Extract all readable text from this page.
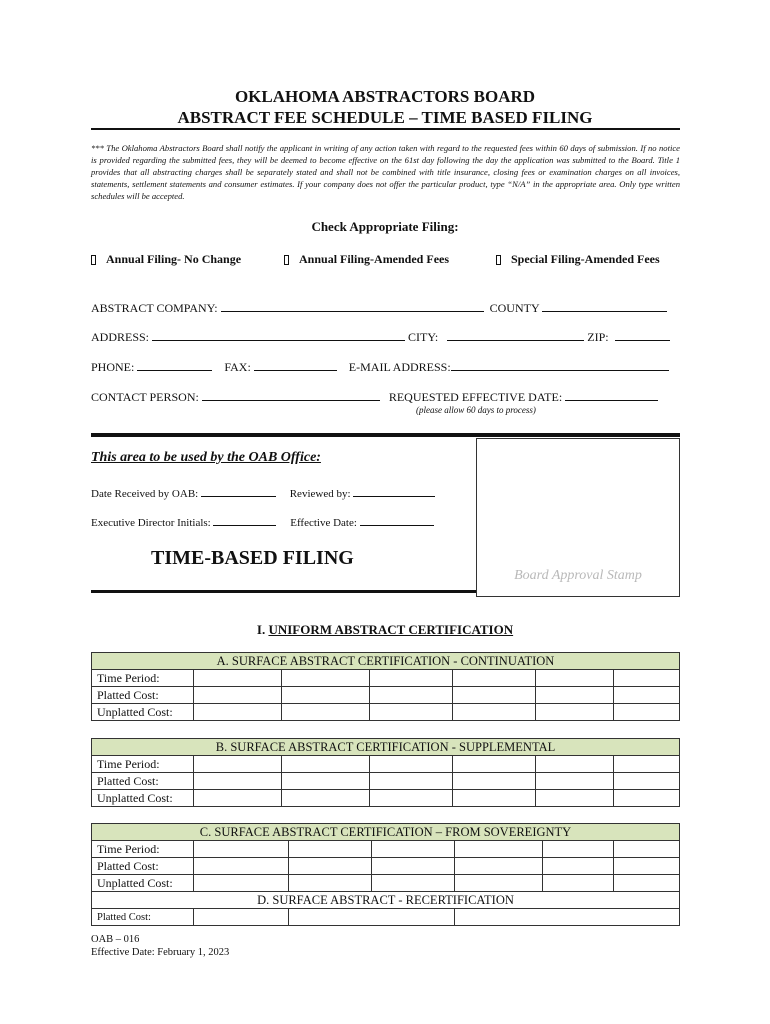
OKLAHOMA ABSTRACTORS BOARD
ABSTRACT FEE SCHEDULE – TIME BASED FILING
*** The Oklahoma Abstractors Board shall notify the applicant in writing of any action taken with regard to the requested fees within 60 days of submission. If no notice is provided regarding the submitted fees, they will be deemed to become effective on the 61st day following the day the application was submitted to the Board. Title 1 provides that all abstracting charges shall be separately stated and shall not be combined with title insurance, closing fees or examination charges on all invoices, statements, settlement statements and consumer estimates. If your company does not offer the particular product, type “N/A” in the appropriate area. Only type written schedules will be accepted.
Check Appropriate Filing:
Annual Filing- No Change	Annual Filing-Amended Fees	Special Filing-Amended Fees
ABSTRACT COMPANY:	COUNTY
ADDRESS:	CITY:	ZIP:
PHONE:	FAX:	E-MAIL ADDRESS:
CONTACT PERSON:	REQUESTED EFFECTIVE DATE:
(please allow 60 days to process)
This area to be used by the OAB Office:
Date Received by OAB:	Reviewed by:
Executive Director Initials:	Effective Date:
TIME-BASED FILING
Board Approval Stamp
I. UNIFORM ABSTRACT CERTIFICATION
A. SURFACE ABSTRACT CERTIFICATION - CONTINUATION						
Time Period:						
Platted Cost:						
Unplatted Cost:						
B. SURFACE ABSTRACT CERTIFICATION - SUPPLEMENTAL						
Time Period:						
Platted Cost:						
Unplatted Cost:						
C. SURFACE ABSTRACT CERTIFICATION – FROM SOVEREIGNTY						
Time Period:						
Platted Cost:						
Unplatted Cost:						
D. SURFACE ABSTRACT - RECERTIFICATION						
Platted Cost:						
OAB – 016
Effective Date: February 1, 2023
